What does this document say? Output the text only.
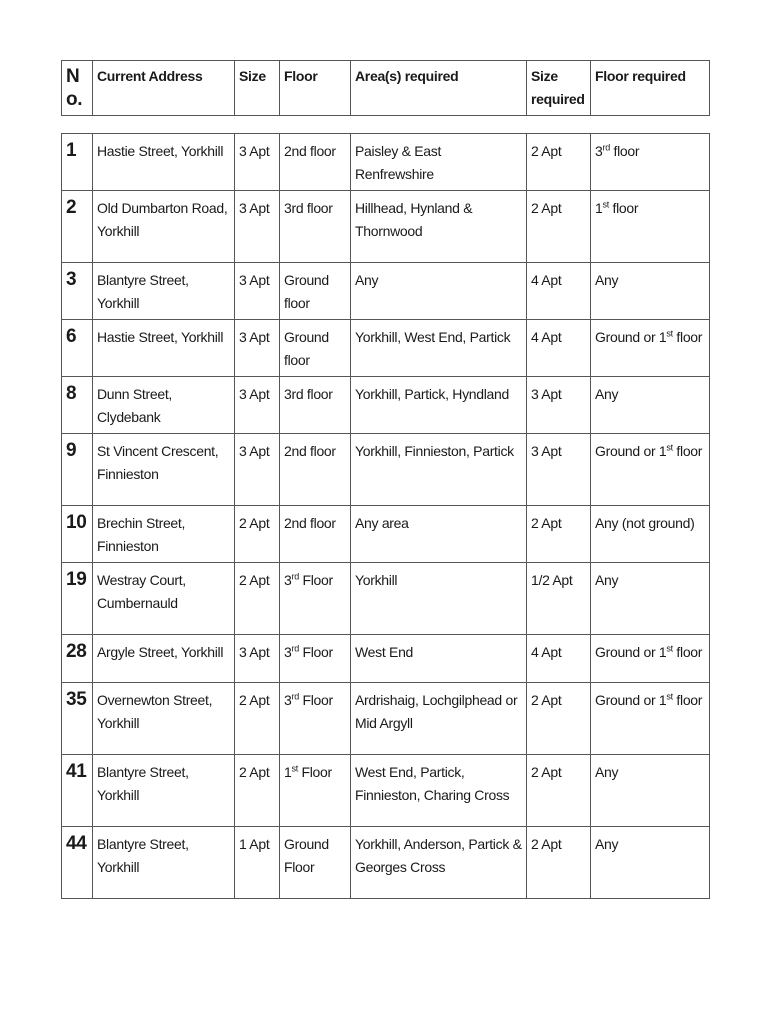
No.	Current Address	Size	Floor	Area(s) required	Size required	Floor required
1	Hastie Street, Yorkhill	3 Apt	2nd floor	Paisley & East Renfrewshire	2 Apt	3rd floor
2	Old Dumbarton Road, Yorkhill	3 Apt	3rd floor	Hillhead, Hynland & Thornwood	2 Apt	1st floor
3	Blantyre Street, Yorkhill	3 Apt	Ground floor	Any	4 Apt	Any
6	Hastie Street, Yorkhill	3 Apt	Ground floor	Yorkhill, West End, Partick	4 Apt	Ground or 1st floor
8	Dunn Street, Clydebank	3 Apt	3rd floor	Yorkhill, Partick, Hyndland	3 Apt	Any
9	St Vincent Crescent, Finnieston	3 Apt	2nd floor	Yorkhill, Finnieston, Partick	3 Apt	Ground or 1st floor
10	Brechin Street, Finnieston	2 Apt	2nd floor	Any area	2 Apt	Any (not ground)
19	Westray Court, Cumbernauld	2 Apt	3rd Floor	Yorkhill	1/2 Apt	Any
28	Argyle Street, Yorkhill	3 Apt	3rd Floor	West End	4 Apt	Ground or 1st floor
35	Overnewton Street, Yorkhill	2 Apt	3rd Floor	Ardrishaig, Lochgilphead or Mid Argyll	2 Apt	Ground or 1st floor
41	Blantyre Street, Yorkhill	2 Apt	1st Floor	West End, Partick, Finnieston, Charing Cross	2 Apt	Any
44	Blantyre Street, Yorkhill	1 Apt	Ground Floor	Yorkhill, Anderson, Partick & Georges Cross	2 Apt	Any
